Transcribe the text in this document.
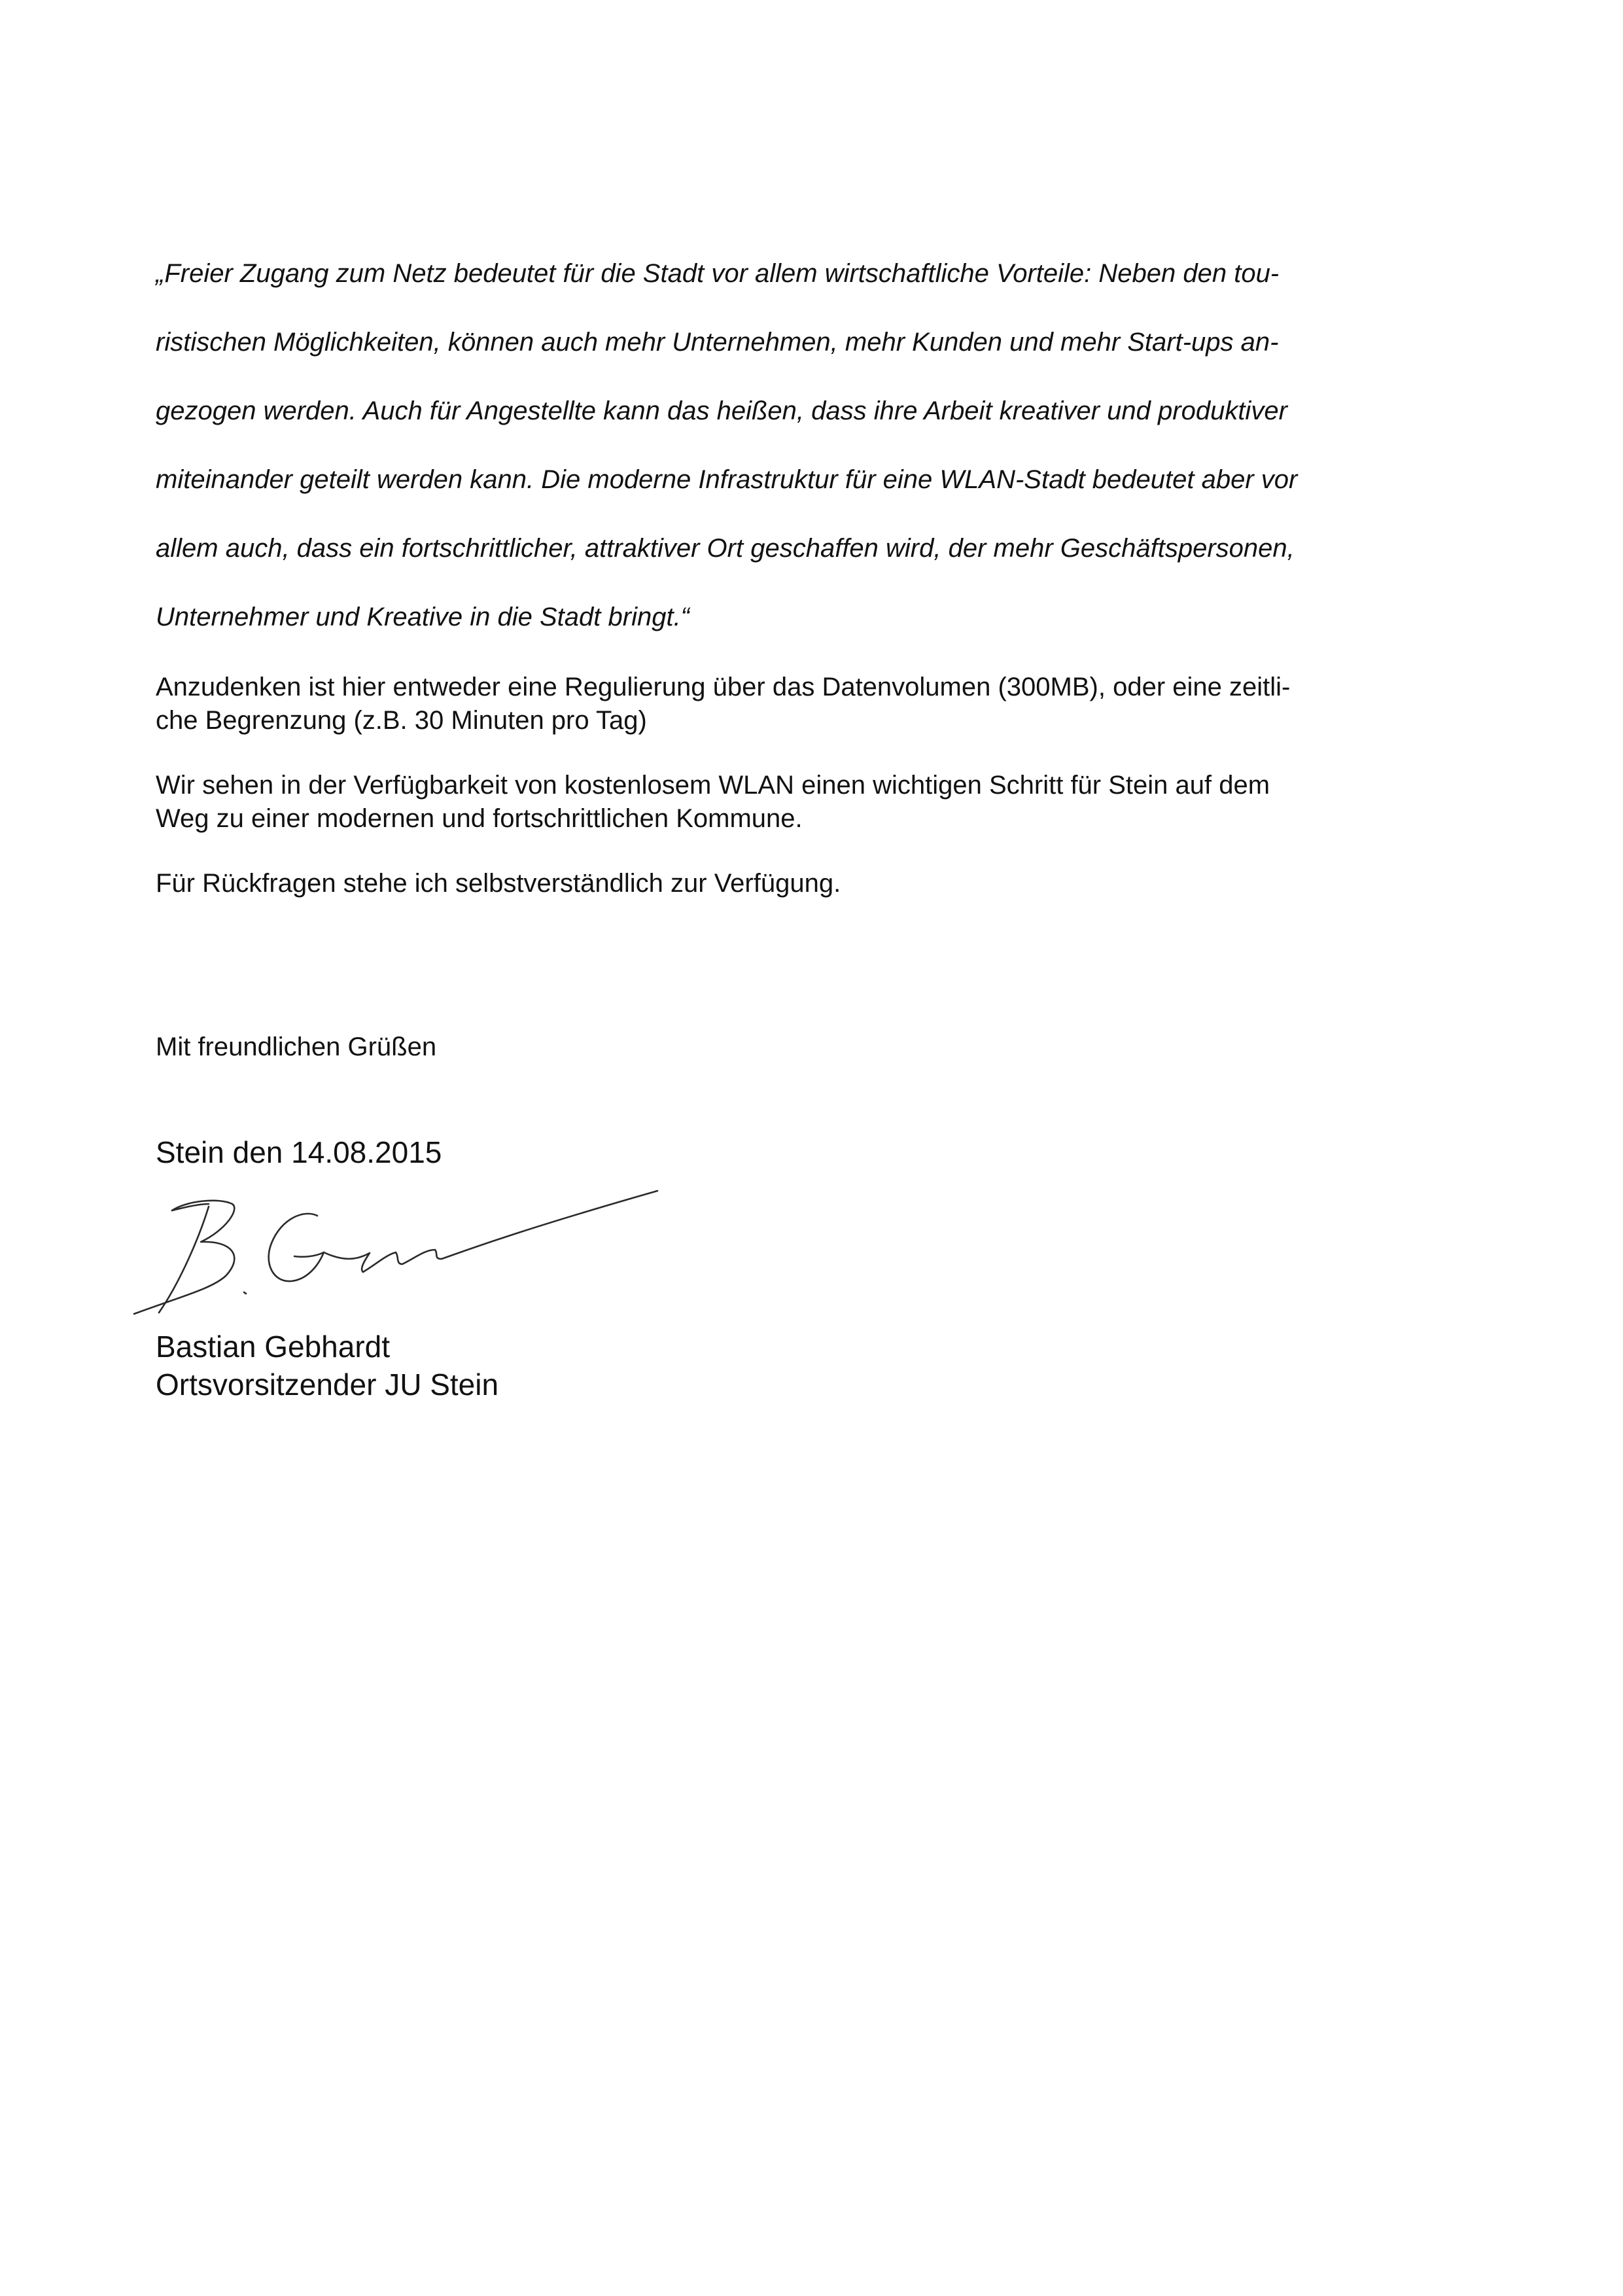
„Freier Zugang zum Netz bedeutet für die Stadt vor allem wirtschaftliche Vorteile: Neben den tou-

ristischen Möglichkeiten, können auch mehr Unternehmen, mehr Kunden und mehr Start-ups an-

gezogen werden. Auch für Angestellte kann das heißen, dass ihre Arbeit kreativer und produktiver

miteinander geteilt werden kann. Die moderne Infrastruktur für eine WLAN-Stadt bedeutet aber vor

allem auch, dass ein fortschrittlicher, attraktiver Ort geschaffen wird, der mehr Geschäftspersonen,

Unternehmer und Kreative in die Stadt bringt.“

Anzudenken ist hier entweder eine Regulierung über das Datenvolumen (300MB), oder eine zeitli-

che Begrenzung (z.B. 30 Minuten pro Tag)

Wir sehen in der Verfügbarkeit von kostenlosem WLAN einen wichtigen Schritt für Stein auf dem

Weg zu einer modernen und fortschrittlichen Kommune.

Für Rückfragen stehe ich selbstverständlich zur Verfügung.

Mit freundlichen Grüßen

Stein den 14.08.2015

Bastian Gebhardt

Ortsvorsitzender JU Stein
